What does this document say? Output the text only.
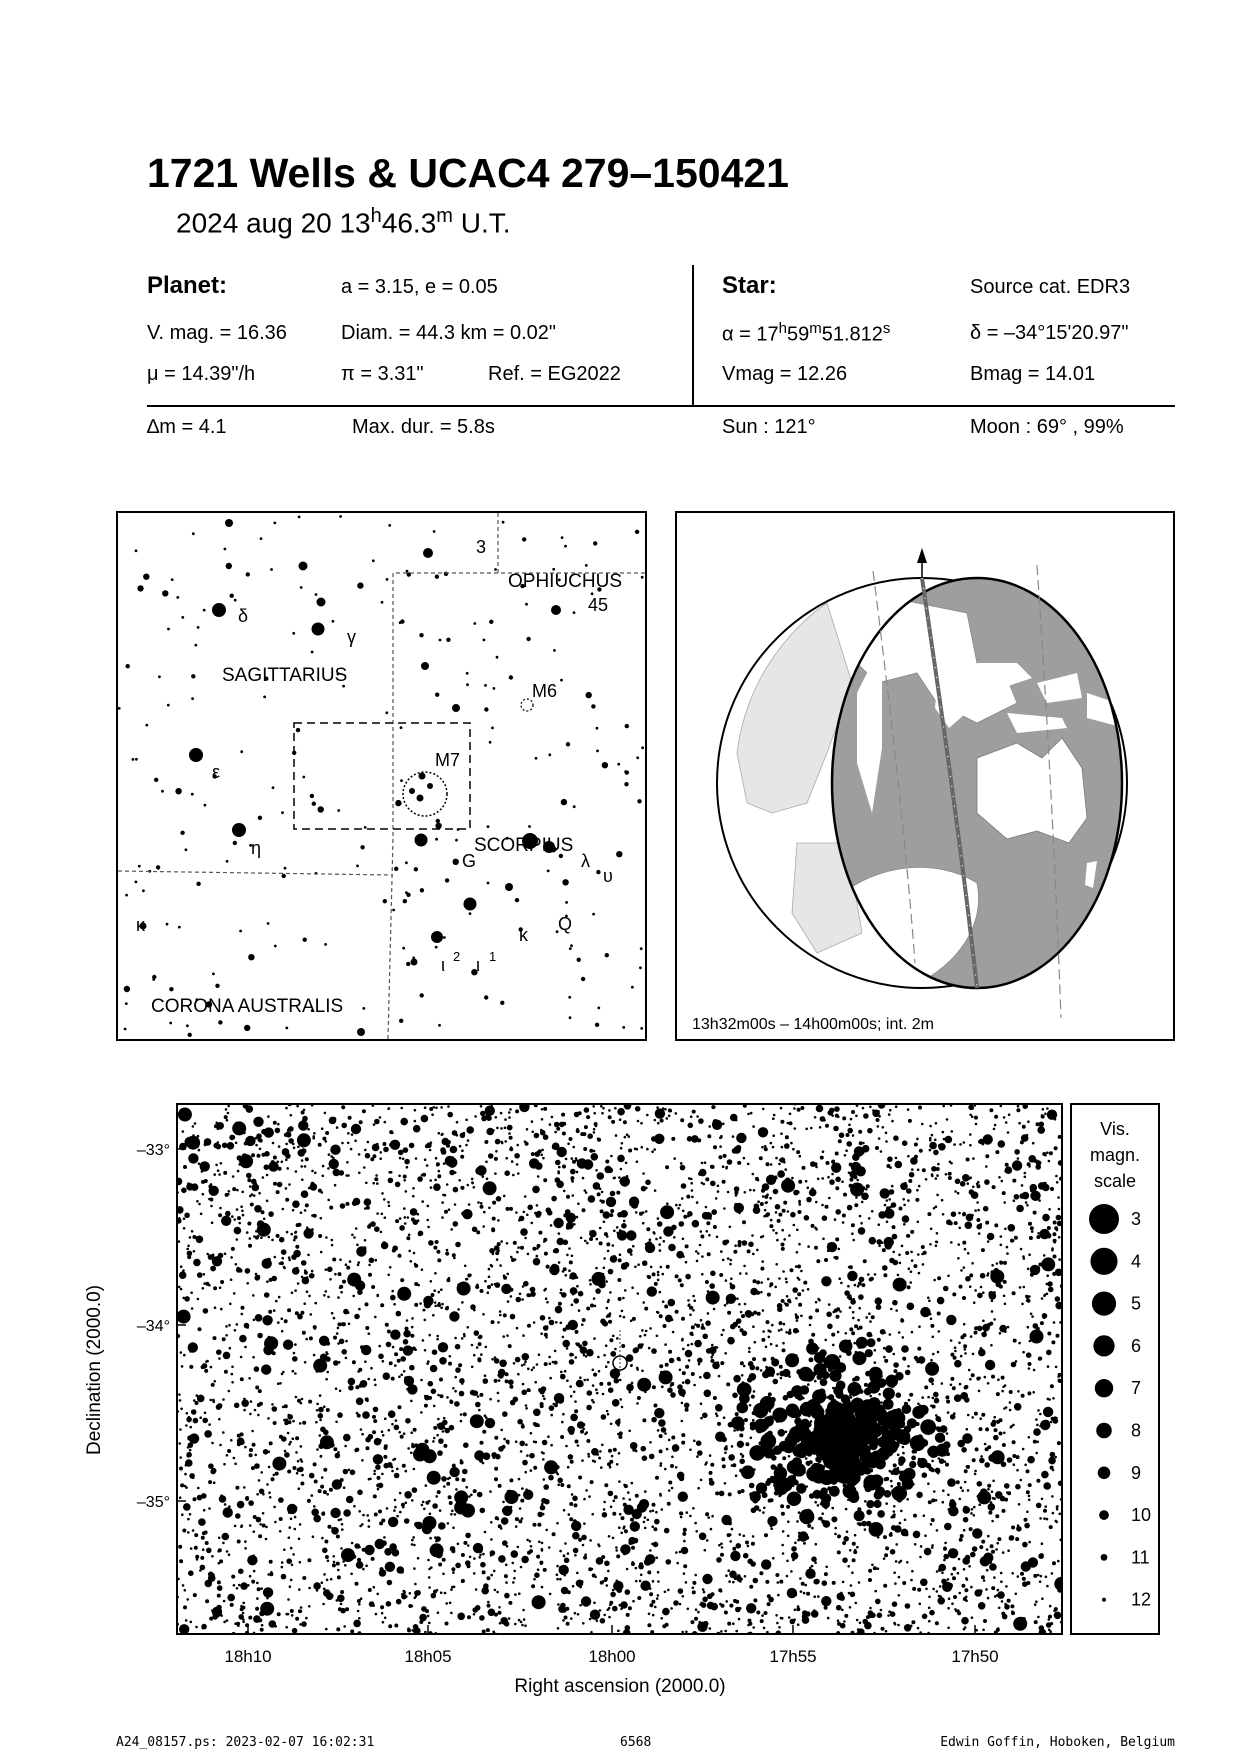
1721 Wells & UCAC4 279–150421
2024 aug 20 13$^h$46.3$^m$ U.T.
Planet:	a = 3.15, e = 0.05
V. mag. = 16.36	Diam. = 44.3 km = 0.02"
μ = 14.39"/h	π = 3.31"	Ref. = EG2022
Star:	Source cat. EDR3
$\alpha = 17^h59^m51.812^s$	δ = –34°15'20.97"
Vmag = 12.26	Bmag = 14.01
∆m = 4.1	Max. dur. = 5.8s	Sun : 121°	Moon : 69° , 99%
OPHIUCHUS
SAGITTARIUS
SCORPIUS
CORONA AUSTRALIS
3
45
δ
γ
ε
η
κ
M6
M7
G	λ
υ
Q
κ
ι 2 ι 1
13h32m00s – 14h00m00s; int. 2m
–33°
–34°
–35°
18h10	18h05	18h00	17h55	17h50
Right ascension (2000.0)
Declination (2000.0)
Vis.
magn.
scale
3
4
5
6
7
8
9
10
11
12
A24_08157.ps: 2023-02-07 16:02:31	6568	Edwin Goffin, Hoboken, Belgium
